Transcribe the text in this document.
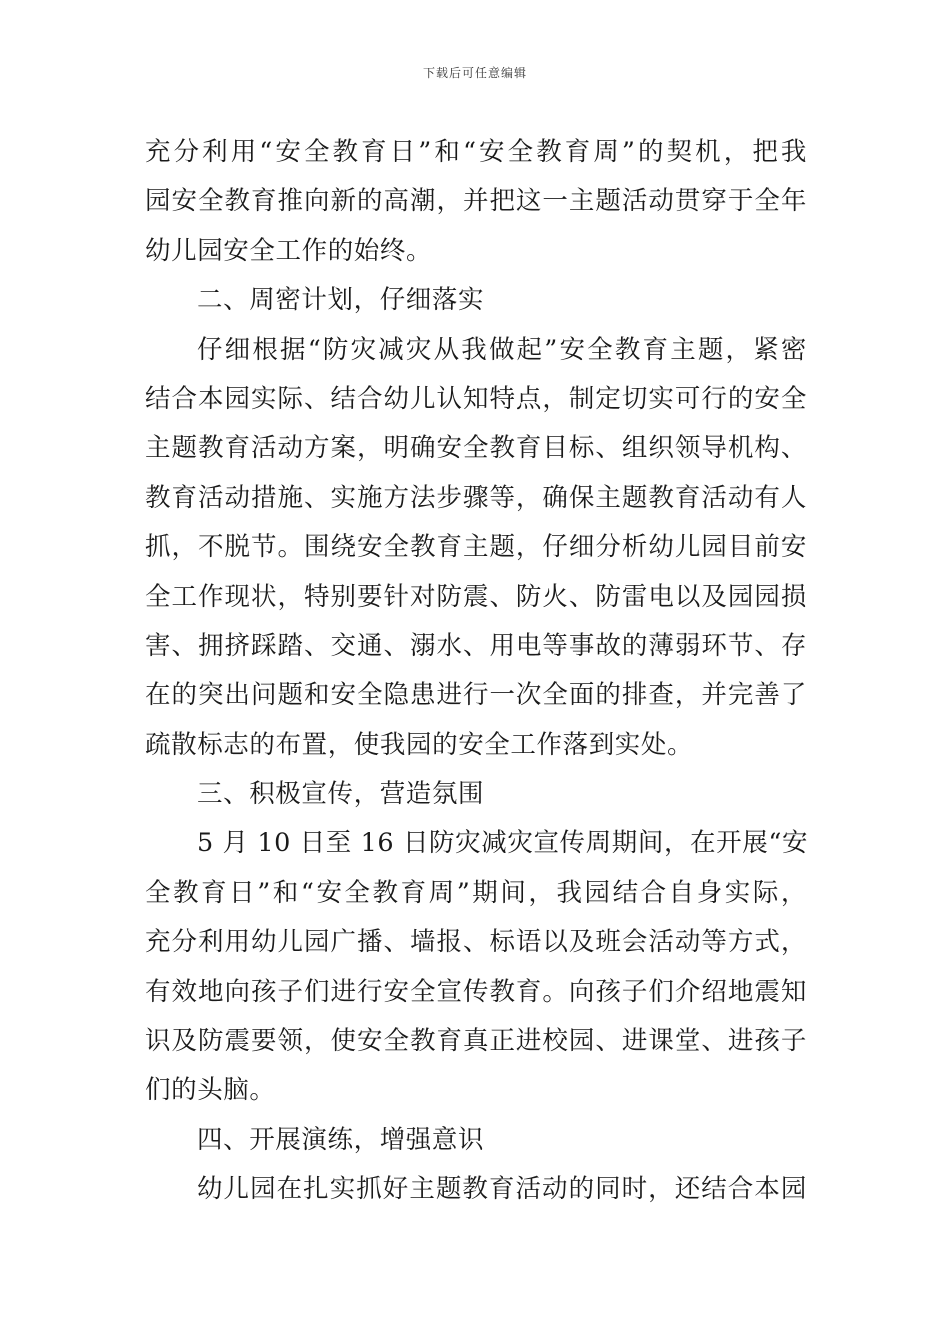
下载后可任意编辑
充分利用“安全教育日”和“安全教育周”的契机，把我
园安全教育推向新的高潮，并把这一主题活动贯穿于全年
幼儿园安全工作的始终。
二、周密计划，仔细落实
仔细根据“防灾减灾从我做起”安全教育主题，紧密
结合本园实际、结合幼儿认知特点，制定切实可行的安全
主题教育活动方案，明确安全教育目标、组织领导机构、
教育活动措施、实施方法步骤等，确保主题教育活动有人
抓，不脱节。围绕安全教育主题，仔细分析幼儿园目前安
全工作现状，特别要针对防震、防火、防雷电以及园园损
害、拥挤踩踏、交通、溺水、用电等事故的薄弱环节、存
在的突出问题和安全隐患进行一次全面的排查，并完善了
疏散标志的布置，使我园的安全工作落到实处。
三、积极宣传，营造氛围
5 月 10 日至 16 日防灾减灾宣传周期间，在开展“安
全教育日”和“安全教育周”期间，我园结合自身实际，
充分利用幼儿园广播、墙报、标语以及班会活动等方式，
有效地向孩子们进行安全宣传教育。向孩子们介绍地震知
识及防震要领，使安全教育真正进校园、进课堂、进孩子
们的头脑。
四、开展演练，增强意识
幼儿园在扎实抓好主题教育活动的同时，还结合本园
